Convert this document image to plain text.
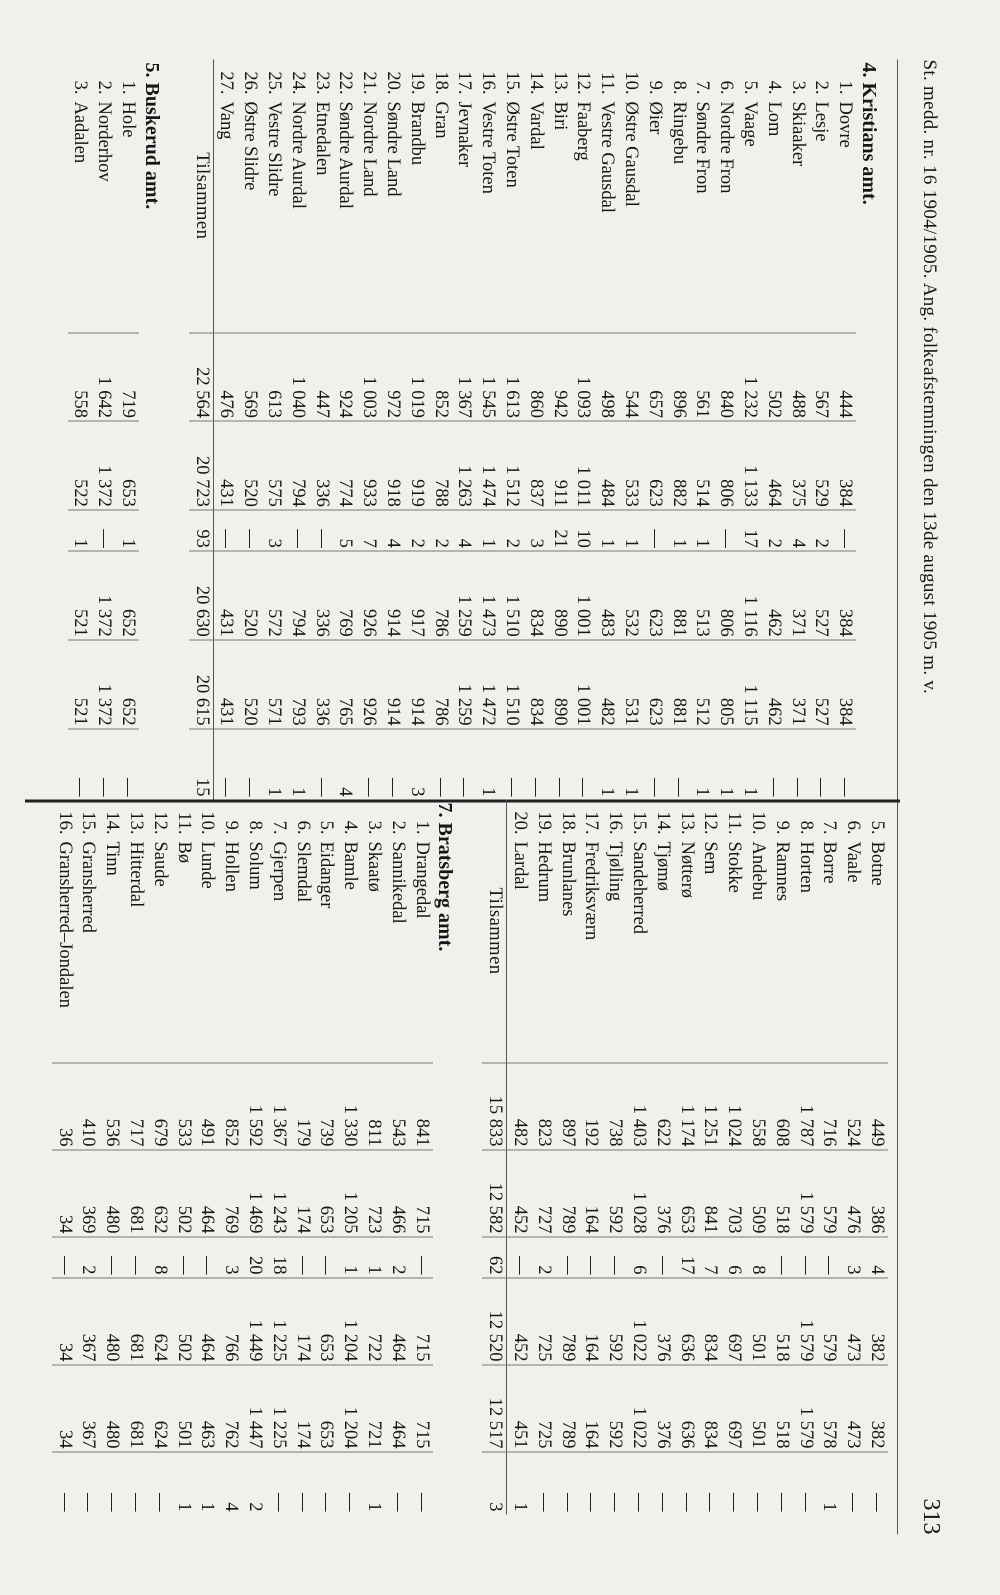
St. medd. nr. 16 1904/1905. Ang. folkeafstemningen den 13de august 1905 m. v.
313
4. Kristians amt.							
1.	Dovre	444	384	—	384	384	—
2.	Lesje	567	529	2	527	527	—
3.	Skiaaker	488	375	4	371	371	—
4.	Lom	502	464	2	462	462	—
5.	Vaage	1 232	1 133	17	1 116	1 115	1
6.	Nordre Fron	840	806	—	806	805	1
7.	Søndre Fron	561	514	1	513	512	1
8.	Ringebu	896	882	1	881	881	—
9.	Øier	657	623	—	623	623	—
10.	Østre Gausdal	544	533	1	532	531	1
11.	Vestre Gausdal	498	484	1	483	482	1
12.	Faaberg	1 093	1 011	10	1 001	1 001	—
13.	Biri	942	911	21	890	890	—
14.	Vardal	860	837	3	834	834	—
15.	Østre Toten	1 613	1 512	2	1 510	1 510	—
16.	Vestre Toten	1 545	1 474	1	1 473	1 472	1
17.	Jevnaker	1 367	1 263	4	1 259	1 259	—
18.	Gran	852	788	2	786	786	—
19.	Brandbu	1 019	919	2	917	914	3
20.	Søndre Land	972	918	4	914	914	—
21.	Nordre Land	1 003	933	7	926	926	—
22.	Søndre Aurdal	924	774	5	769	765	4
23.	Etnedalen	447	336	—	336	336	—
24.	Nordre Aurdal	1 040	794	—	794	793	1
25.	Vestre Slidre	613	575	3	572	571	1
26.	Østre Slidre	569	520	—	520	520	—
27.	Vang	476	431	—	431	431	—
Tilsammen		22 564	20 723	93	20 630	20 615	15

5. Buskerud amt.							
1.	Hole	719	653	1	652	652	—
2.	Norderhov	1 642	1 372	—	1 372	1 372	—
3.	Aadalen	558	522	1	521	521	—
5.	Botne	449	386	4	382	382	—
6.	Vaale	524	476	3	473	473	—
7.	Borre	716	579	—	579	578	1
8.	Horten	1 787	1 579	—	1 579	1 579	—
9.	Ramnes	608	518	—	518	518	—
10.	Andebu	558	509	8	501	501	—
11.	Stokke	1 024	703	6	697	697	—
12.	Sem	1 251	841	7	834	834	—
13.	Nøtterø	1 174	653	17	636	636	—
14.	Tjømø	622	376	—	376	376	—
15.	Sandeherred	1 403	1 028	6	1 022	1 022	—
16.	Tjølling	738	592	—	592	592	—
17.	Fredriksværn	192	164	—	164	164	—
18.	Brunlanes	897	789	—	789	789	—
19.	Hedrum	823	727	2	725	725	—
20.	Lardal	482	452	—	452	451	1
Tilsammen		15 833	12 582	62	12 520	12 517	3

7. Bratsberg amt.							
1.	Drangedal	841	715	—	715	715	—
2.	Sannikedal	543	466	2	464	464	—
3.	Skaatø	811	723	1	722	721	1
4.	Bamle	1 330	1 205	1	1 204	1 204	—
5.	Eidanger	739	653	—	653	653	—
6.	Slemdal	179	174	—	174	174	—
7.	Gjerpen	1 367	1 243	18	1 225	1 225	—
8.	Solum	1 592	1 469	20	1 449	1 447	2
9.	Hollen	852	769	3	766	762	4
10.	Lunde	491	464	—	464	463	1
11.	Bø	533	502	—	502	501	1
12.	Saude	679	632	8	624	624	—
13.	Hitterdal	717	681	—	681	681	—
14.	Tinn	536	480	—	480	480	—
15.	Gransherred	410	369	2	367	367	—
16.	Gransherred–Jondalen	36	34	—	34	34	—
